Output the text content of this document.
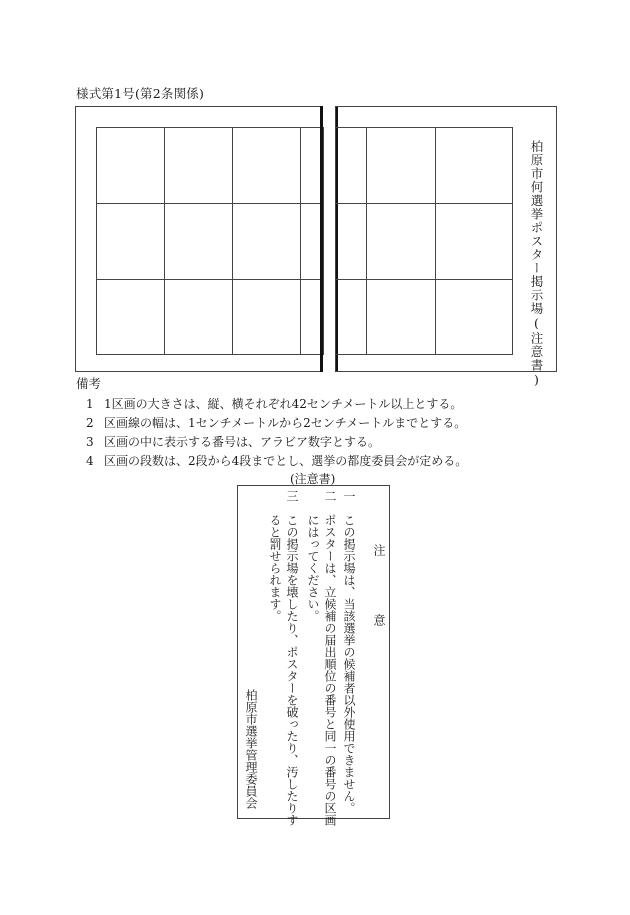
様式第1号(第2条関係)
柏原市何選挙ポスター掲示場(注意書)
備考
1 1区画の大きさは、縦、横それぞれ42センチメートル以上とする。
2 区画線の幅は、1センチメートルから2センチメートルまでとする。
3 区画の中に表示する番号は、アラビア数字とする。
4 区画の段数は、2段から4段までとし、選挙の都度委員会が定める。
(注意書)
注
意
一　この掲示場は、当該選挙の候補者以外使用できません。
二　ポスターは、立候補の届出順位の番号と同一の番号の区画
　　にはってください。
三　この掲示場を壊したり、ポスターを破ったり、汚したりす
　　ると罰せられます。
柏原市選挙管理委員会
